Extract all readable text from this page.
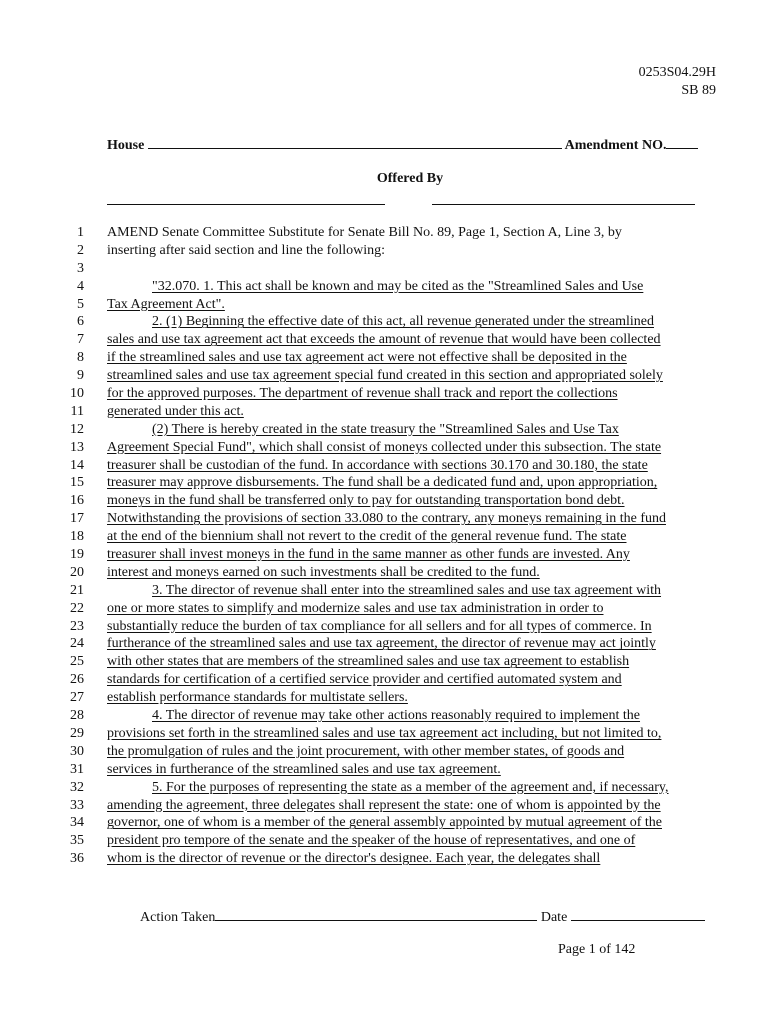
0253S04.29H
SB 89
House	Amendment NO.
Offered By
1 AMEND Senate Committee Substitute for Senate Bill No. 89, Page 1, Section A, Line 3, by
2 inserting after said section and line the following:
3
4	"32.070. 1. This act shall be known and may be cited as the "Streamlined Sales and Use
5 Tax Agreement Act".
6	2. (1) Beginning the effective date of this act, all revenue generated under the streamlined
7 sales and use tax agreement act that exceeds the amount of revenue that would have been collected
8 if the streamlined sales and use tax agreement act were not effective shall be deposited in the
9 streamlined sales and use tax agreement special fund created in this section and appropriated solely
10 for the approved purposes. The department of revenue shall track and report the collections
11 generated under this act.
12	(2) There is hereby created in the state treasury the "Streamlined Sales and Use Tax
13 Agreement Special Fund", which shall consist of moneys collected under this subsection. The state
14 treasurer shall be custodian of the fund. In accordance with sections 30.170 and 30.180, the state
15 treasurer may approve disbursements. The fund shall be a dedicated fund and, upon appropriation,
16 moneys in the fund shall be transferred only to pay for outstanding transportation bond debt.
17 Notwithstanding the provisions of section 33.080 to the contrary, any moneys remaining in the fund
18 at the end of the biennium shall not revert to the credit of the general revenue fund. The state
19 treasurer shall invest moneys in the fund in the same manner as other funds are invested. Any
20 interest and moneys earned on such investments shall be credited to the fund.
21	3. The director of revenue shall enter into the streamlined sales and use tax agreement with
22 one or more states to simplify and modernize sales and use tax administration in order to
23 substantially reduce the burden of tax compliance for all sellers and for all types of commerce. In
24 furtherance of the streamlined sales and use tax agreement, the director of revenue may act jointly
25 with other states that are members of the streamlined sales and use tax agreement to establish
26 standards for certification of a certified service provider and certified automated system and
27 establish performance standards for multistate sellers.
28	4. The director of revenue may take other actions reasonably required to implement the
29 provisions set forth in the streamlined sales and use tax agreement act including, but not limited to,
30 the promulgation of rules and the joint procurement, with other member states, of goods and
31 services in furtherance of the streamlined sales and use tax agreement.
32	5. For the purposes of representing the state as a member of the agreement and, if necessary,
33 amending the agreement, three delegates shall represent the state: one of whom is appointed by the
34 governor, one of whom is a member of the general assembly appointed by mutual agreement of the
35 president pro tempore of the senate and the speaker of the house of representatives, and one of
36 whom is the director of revenue or the director's designee. Each year, the delegates shall
Action Taken	Date
Page 1 of 142
